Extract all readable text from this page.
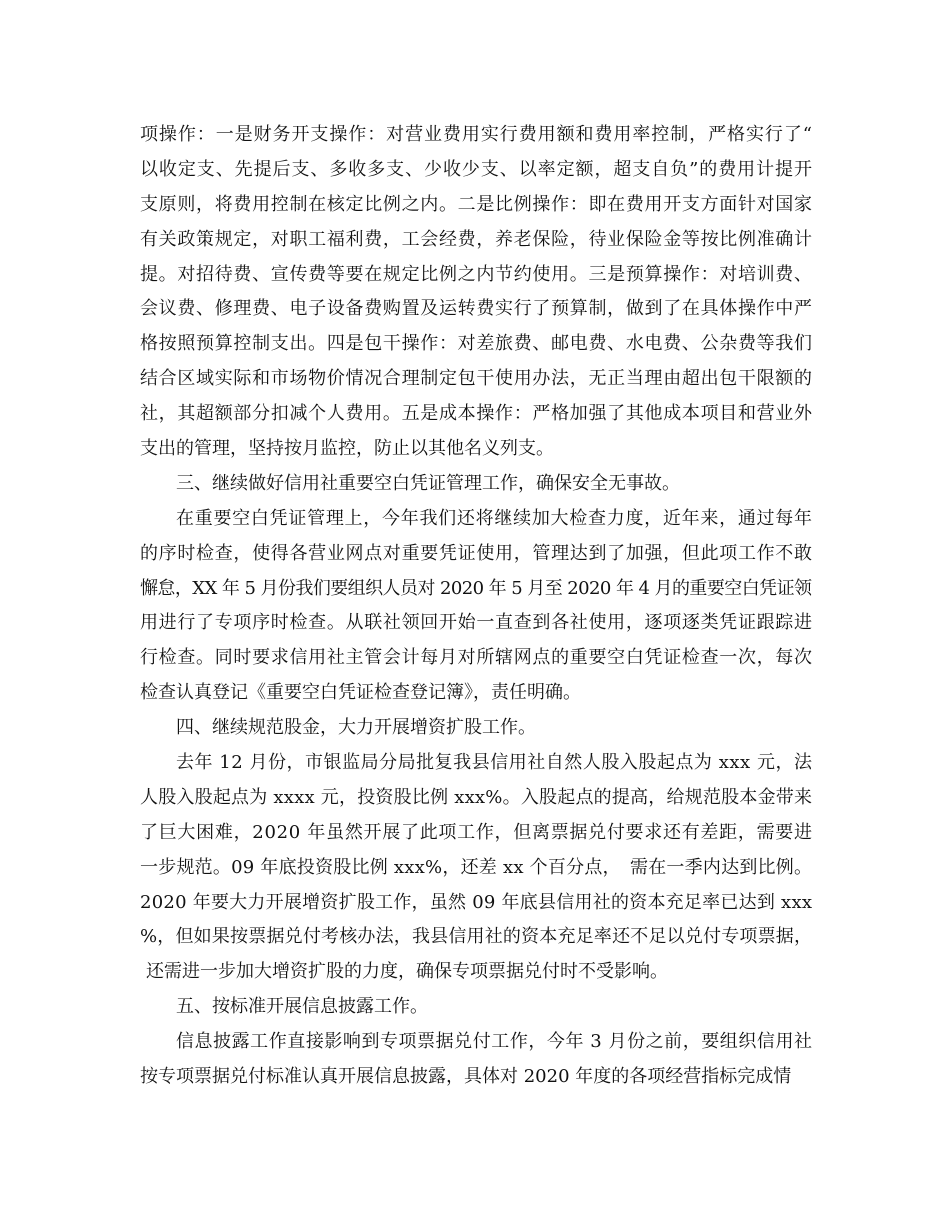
项操作：一是财务开支操作：对营业费用实行费用额和费用率控制，严格实行了“
以收定支、先提后支、多收多支、少收少支、以率定额，超支自负”的费用计提开
支原则，将费用控制在核定比例之内。二是比例操作：即在费用开支方面针对国家
有关政策规定，对职工福利费，工会经费，养老保险，待业保险金等按比例准确计
提。对招待费、宣传费等要在规定比例之内节约使用。三是预算操作：对培训费、
会议费、修理费、电子设备费购置及运转费实行了预算制，做到了在具体操作中严
格按照预算控制支出。四是包干操作：对差旅费、邮电费、水电费、公杂费等我们
结合区域实际和市场物价情况合理制定包干使用办法，无正当理由超出包干限额的
社，其超额部分扣减个人费用。五是成本操作：严格加强了其他成本项目和营业外
支出的管理，坚持按月监控，防止以其他名义列支。
三、继续做好信用社重要空白凭证管理工作，确保安全无事故。
在重要空白凭证管理上，今年我们还将继续加大检查力度，近年来，通过每年
的序时检查，使得各营业网点对重要凭证使用，管理达到了加强，但此项工作不敢
懈怠，XX 年 5 月份我们要组织人员对 2020 年 5 月至 2020 年 4 月的重要空白凭证领
用进行了专项序时检查。从联社领回开始一直查到各社使用，逐项逐类凭证跟踪进
行检查。同时要求信用社主管会计每月对所辖网点的重要空白凭证检查一次，每次
检查认真登记《重要空白凭证检查登记簿》，责任明确。
四、继续规范股金，大力开展增资扩股工作。
去年 12 月份，市银监局分局批复我县信用社自然人股入股起点为 xxx 元，法
人股入股起点为 xxxx 元，投资股比例 xxx%。入股起点的提高，给规范股本金带来
了巨大困难，2020 年虽然开展了此项工作，但离票据兑付要求还有差距，需要进
一步规范。09 年底投资股比例 xxx%，还差 xx 个百分点，　需在一季内达到比例。
2020 年要大力开展增资扩股工作，虽然 09 年底县信用社的资本充足率已达到 xxx
%，但如果按票据兑付考核办法，我县信用社的资本充足率还不足以兑付专项票据，
还需进一步加大增资扩股的力度，确保专项票据兑付时不受影响。
五、按标准开展信息披露工作。
信息披露工作直接影响到专项票据兑付工作，今年 3 月份之前，要组织信用社
按专项票据兑付标准认真开展信息披露，具体对 2020 年度的各项经营指标完成情
